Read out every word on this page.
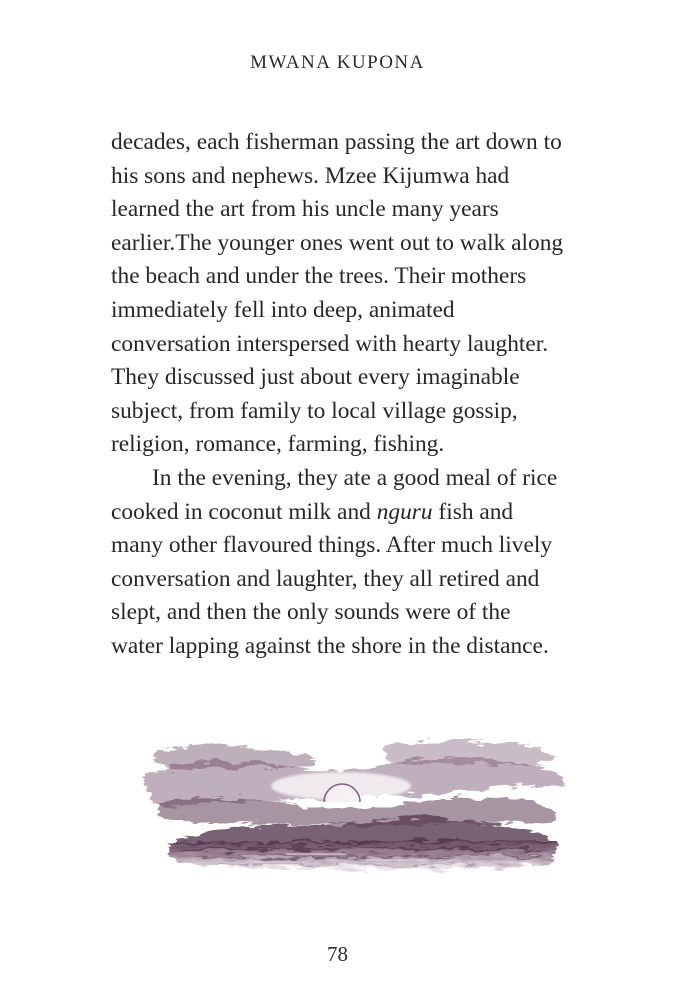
MWANA KUPONA
decades, each fisherman passing the art down to
his sons and nephews. Mzee Kijumwa had
learned the art from his uncle many years
earlier.The younger ones went out to walk along
the beach and under the trees. Their mothers
immediately fell into deep, animated
conversation interspersed with hearty laughter.
They discussed just about every imaginable
subject, from family to local village gossip,
religion, romance, farming, fishing.
In the evening, they ate a good meal of rice
cooked in coconut milk and nguru fish and
many other flavoured things. After much lively
conversation and laughter, they all retired and
slept, and then the only sounds were of the
water lapping against the shore in the distance.
78
